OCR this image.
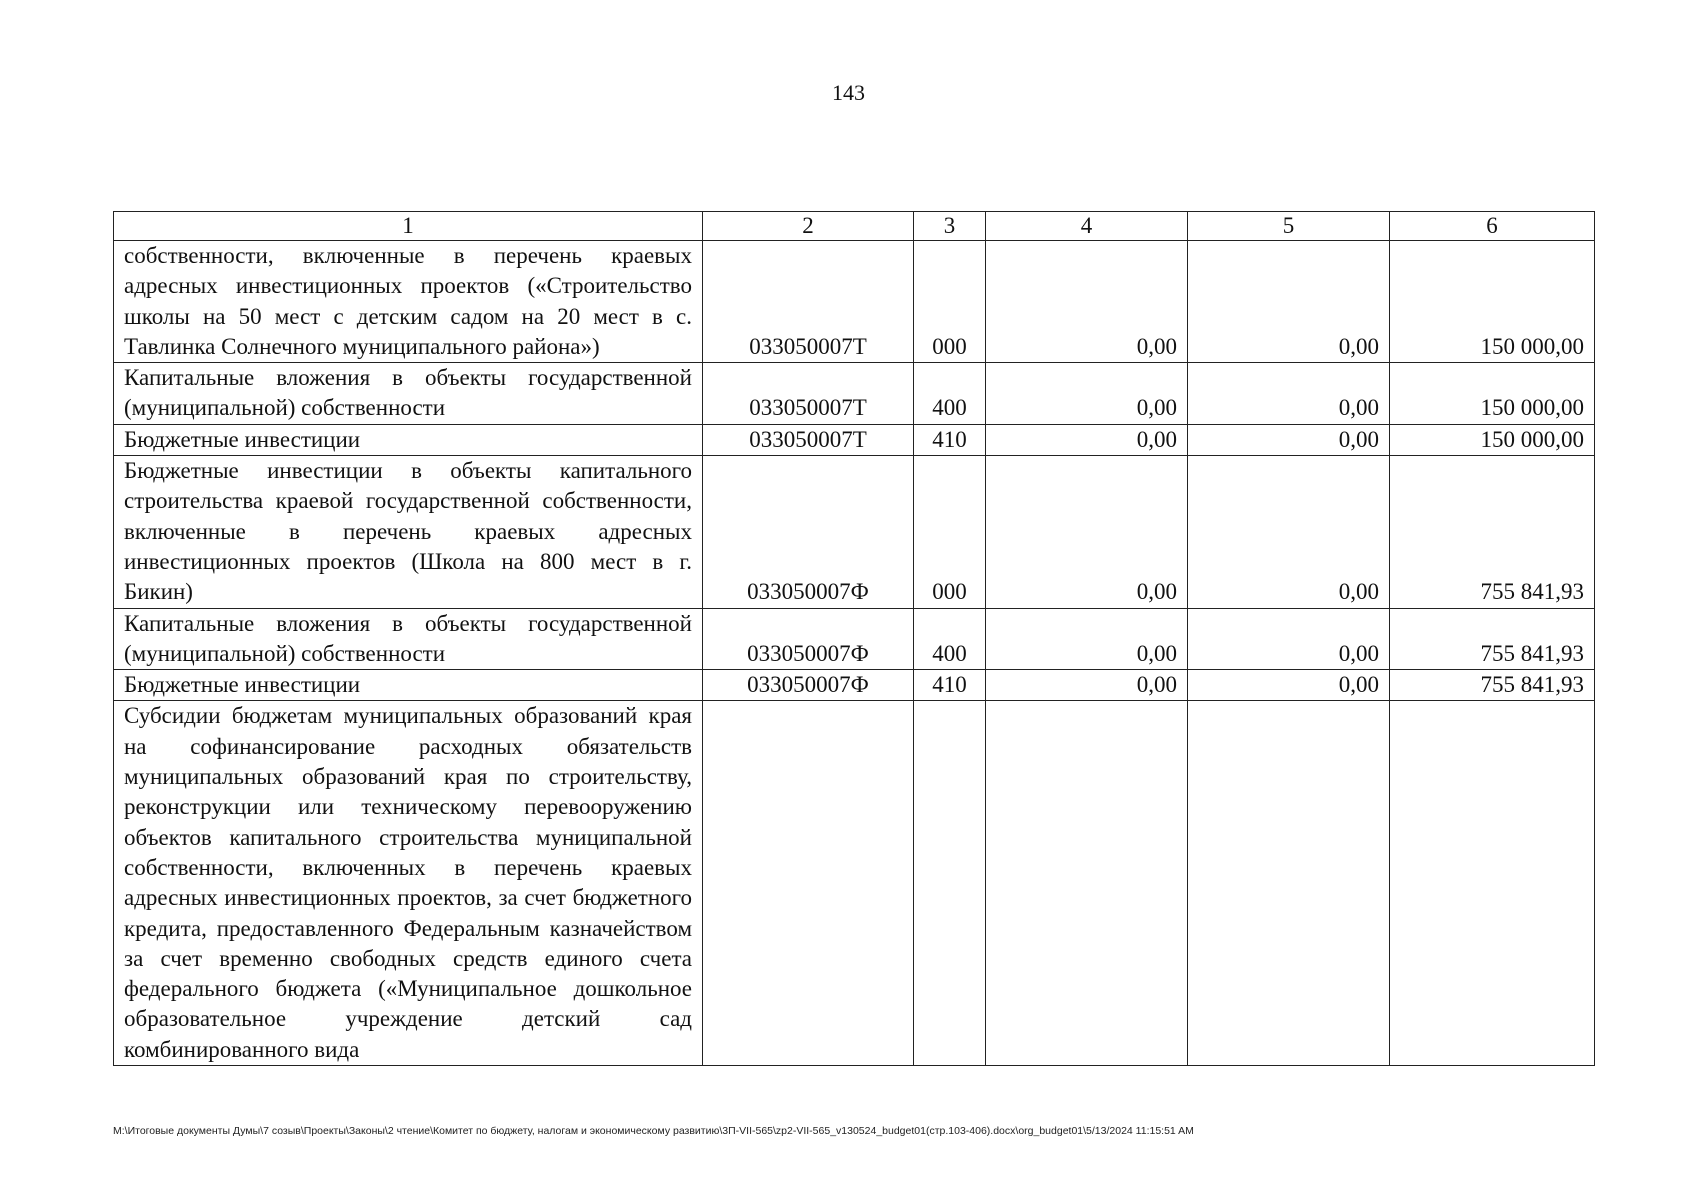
143
1	2	3	4	5	6
собственности, включенные в перечень краевых адресных инвестиционных проектов («Строительство школы на 50 мест с детским садом на 20 мест в с. Тавлинка Солнечного муниципального района»)	033050007Т	000	0,00	0,00	150 000,00
Капитальные вложения в объекты государственной (муниципальной) собственности	033050007Т	400	0,00	0,00	150 000,00
Бюджетные инвестиции	033050007Т	410	0,00	0,00	150 000,00
Бюджетные инвестиции в объекты капитального строительства краевой государственной собственности, включенные в перечень краевых адресных инвестиционных проектов (Школа на 800 мест в г. Бикин)	033050007Ф	000	0,00	0,00	755 841,93
Капитальные вложения в объекты государственной (муниципальной) собственности	033050007Ф	400	0,00	0,00	755 841,93
Бюджетные инвестиции	033050007Ф	410	0,00	0,00	755 841,93
Субсидии бюджетам муниципальных образований края на софинансирование расходных обязательств муниципальных образований края по строительству, реконструкции или техническому перевооружению объектов капитального строительства муниципальной собственности, включенных в перечень краевых адресных инвестиционных проектов, за счет бюджетного кредита, предоставленного Федеральным казначейством за счет временно свободных средств единого счета федерального бюджета («Муниципальное дошкольное образовательное учреждение детский сад комбинированного вида					
M:\Итоговые документы Думы\7 созыв\Проекты\Законы\2 чтение\Комитет по бюджету, налогам и экономическому развитию\3П-VII-565\zp2-VII-565_v130524_budget01(стр.103-406).docx\org_budget01\5/13/2024 11:15:51 AM
